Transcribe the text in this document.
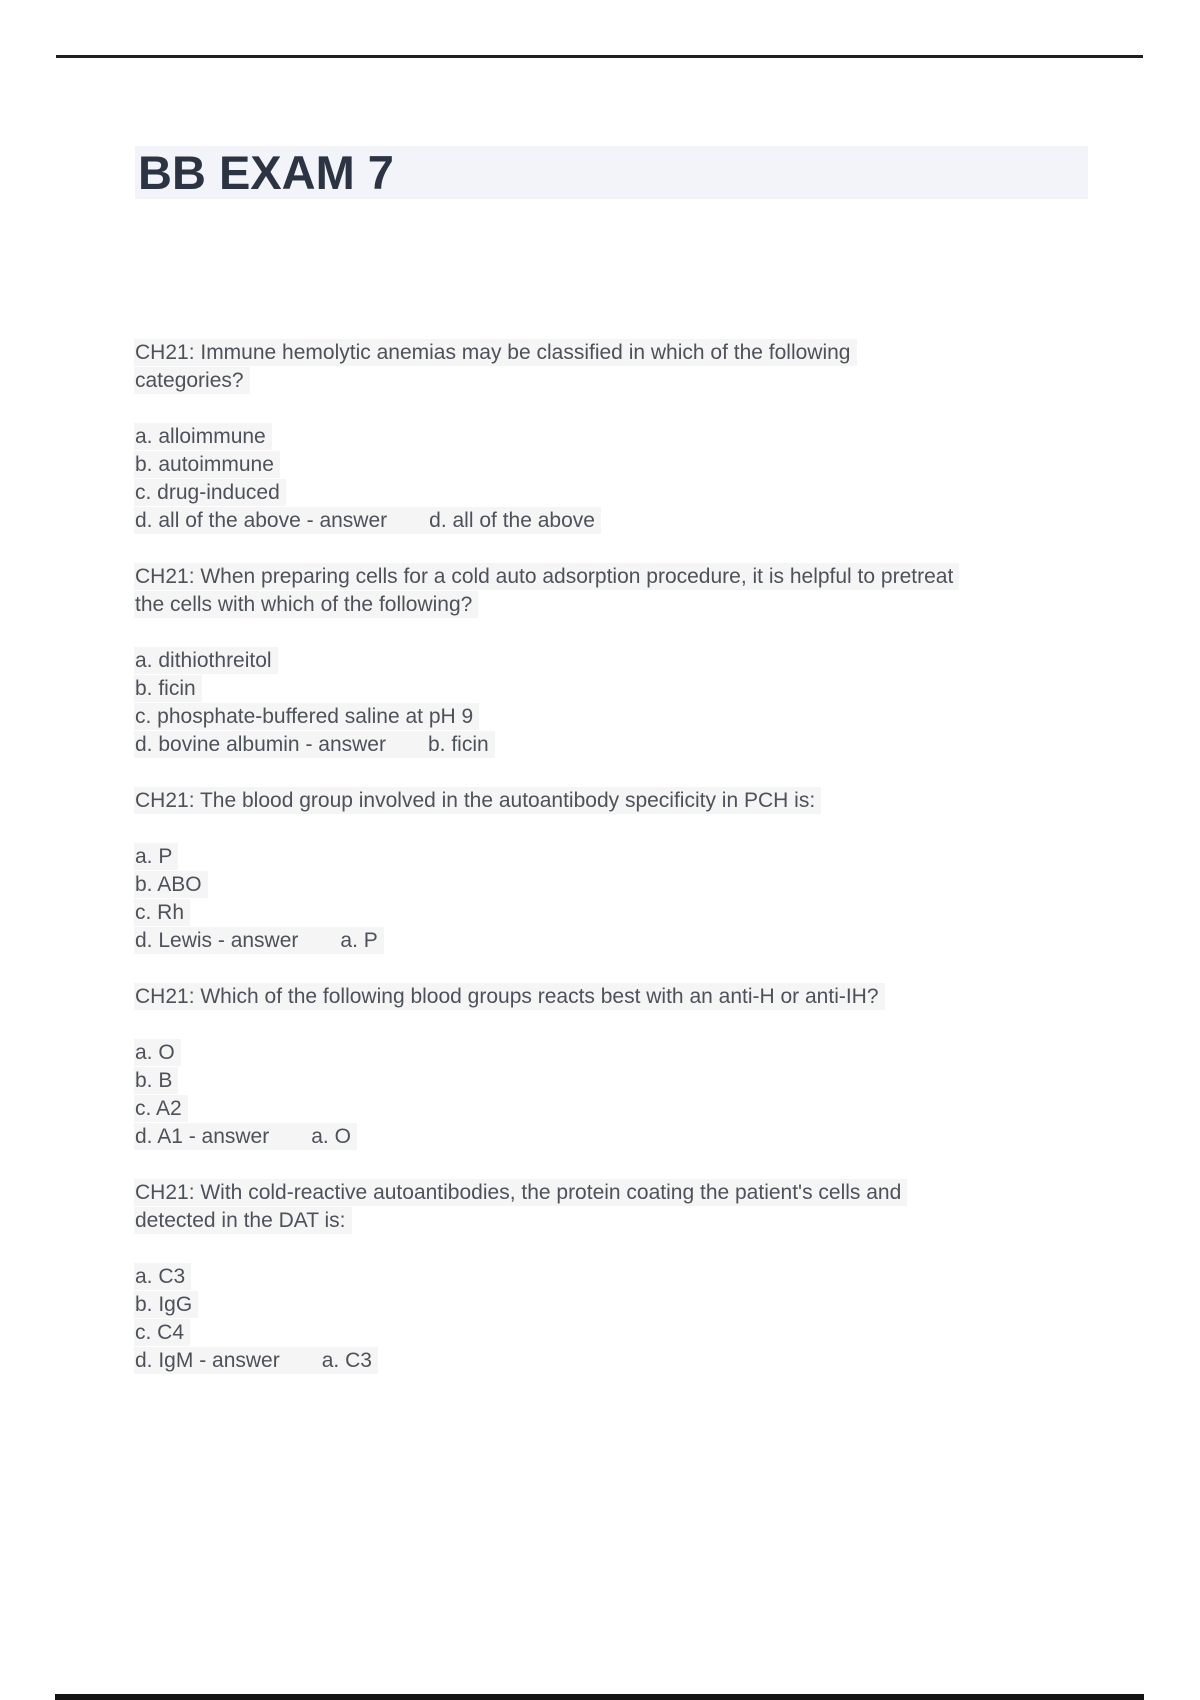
BB EXAM 7
CH21: Immune hemolytic anemias may be classified in which of the following
categories?
a. alloimmune
b. autoimmune
c. drug-induced
d. all of the above - answer d. all of the above
CH21: When preparing cells for a cold auto adsorption procedure, it is helpful to pretreat
the cells with which of the following?
a. dithiothreitol
b. ficin
c. phosphate-buffered saline at pH 9
d. bovine albumin - answer b. ficin
CH21: The blood group involved in the autoantibody specificity in PCH is:
a. P
b. ABO
c. Rh
d. Lewis - answer a. P
CH21: Which of the following blood groups reacts best with an anti-H or anti-IH?
a. O
b. B
c. A2
d. A1 - answer a. O
CH21: With cold-reactive autoantibodies, the protein coating the patient's cells and
detected in the DAT is:
a. C3
b. IgG
c. C4
d. IgM - answer a. C3
